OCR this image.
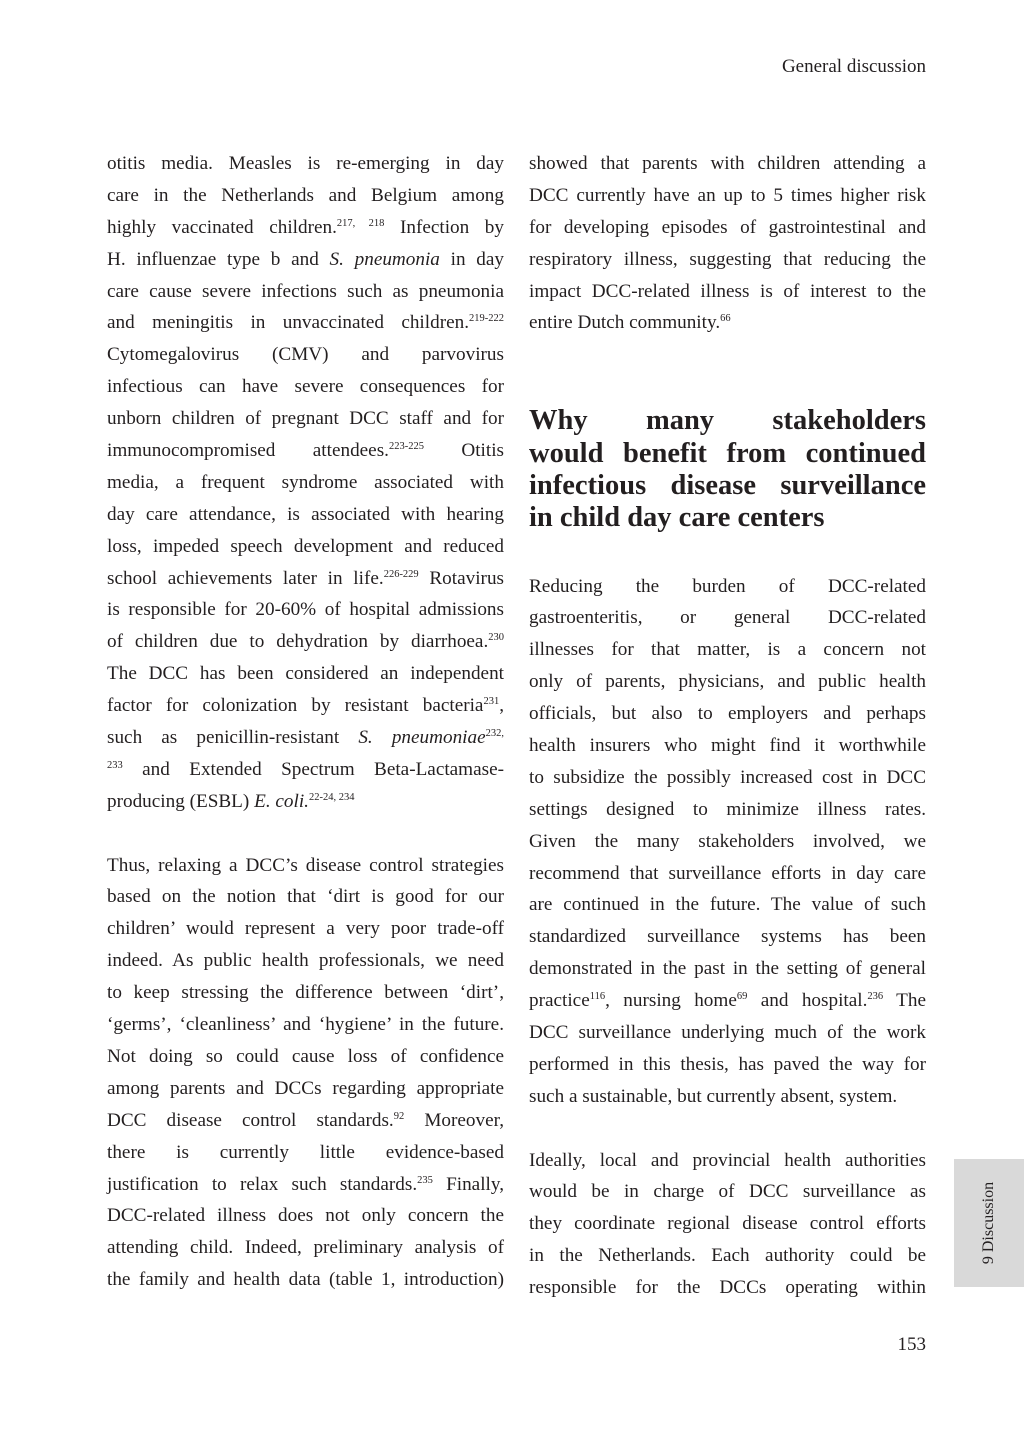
General discussion
otitis media. Measles is re-emerging in day
care in the Netherlands and Belgium among
highly vaccinated children.$^{217, 218}$ Infection by
H. influenzae type b and S. pneumonia in day
care cause severe infections such as pneumonia
and meningitis in unvaccinated children.$^{219-222}$
Cytomegalovirus (CMV) and parvovirus
infectious can have severe consequences for
unborn children of pregnant DCC staff and for
immunocompromised attendees.$^{223-225}$ Otitis
media, a frequent syndrome associated with
day care attendance, is associated with hearing
loss, impeded speech development and reduced
school achievements later in life.$^{226-229}$ Rotavirus
is responsible for 20-60% of hospital admissions
of children due to dehydration by diarrhoea.$^{230}$
The DCC has been considered an independent
factor for colonization by resistant bacteria$^{231}$,
such as penicillin-resistant S. pneumoniae$^{232,}$
$^{233}$ and Extended Spectrum Beta-Lactamase-
producing (ESBL) E. coli.$^{22-24, 234}$
Thus, relaxing a DCC’s disease control strategies
based on the notion that ‘dirt is good for our
children’ would represent a very poor trade-off
indeed. As public health professionals, we need
to keep stressing the difference between ‘dirt’,
‘germs’, ‘cleanliness’ and ‘hygiene’ in the future.
Not doing so could cause loss of confidence
among parents and DCCs regarding appropriate
DCC disease control standards.$^{92}$ Moreover,
there is currently little evidence-based
justification to relax such standards.$^{235}$ Finally,
DCC-related illness does not only concern the
attending child. Indeed, preliminary analysis of
the family and health data (table 1, introduction)
showed that parents with children attending a
DCC currently have an up to 5 times higher risk
for developing episodes of gastrointestinal and
respiratory illness, suggesting that reducing the
impact DCC-related illness is of interest to the
entire Dutch community.$^{66}$
Why many stakeholders
would benefit from continued
infectious disease surveillance
in child day care centers
Reducing the burden of DCC-related
gastroenteritis, or general DCC-related
illnesses for that matter, is a concern not
only of parents, physicians, and public health
officials, but also to employers and perhaps
health insurers who might find it worthwhile
to subsidize the possibly increased cost in DCC
settings designed to minimize illness rates.
Given the many stakeholders involved, we
recommend that surveillance efforts in day care
are continued in the future. The value of such
standardized surveillance systems has been
demonstrated in the past in the setting of general
practice$^{116}$, nursing home$^{69}$ and hospital.$^{236}$ The
DCC surveillance underlying much of the work
performed in this thesis, has paved the way for
such a sustainable, but currently absent, system.
Ideally, local and provincial health authorities
would be in charge of DCC surveillance as
they coordinate regional disease control efforts
in the Netherlands. Each authority could be
responsible for the DCCs operating within
9 Discussion
153
